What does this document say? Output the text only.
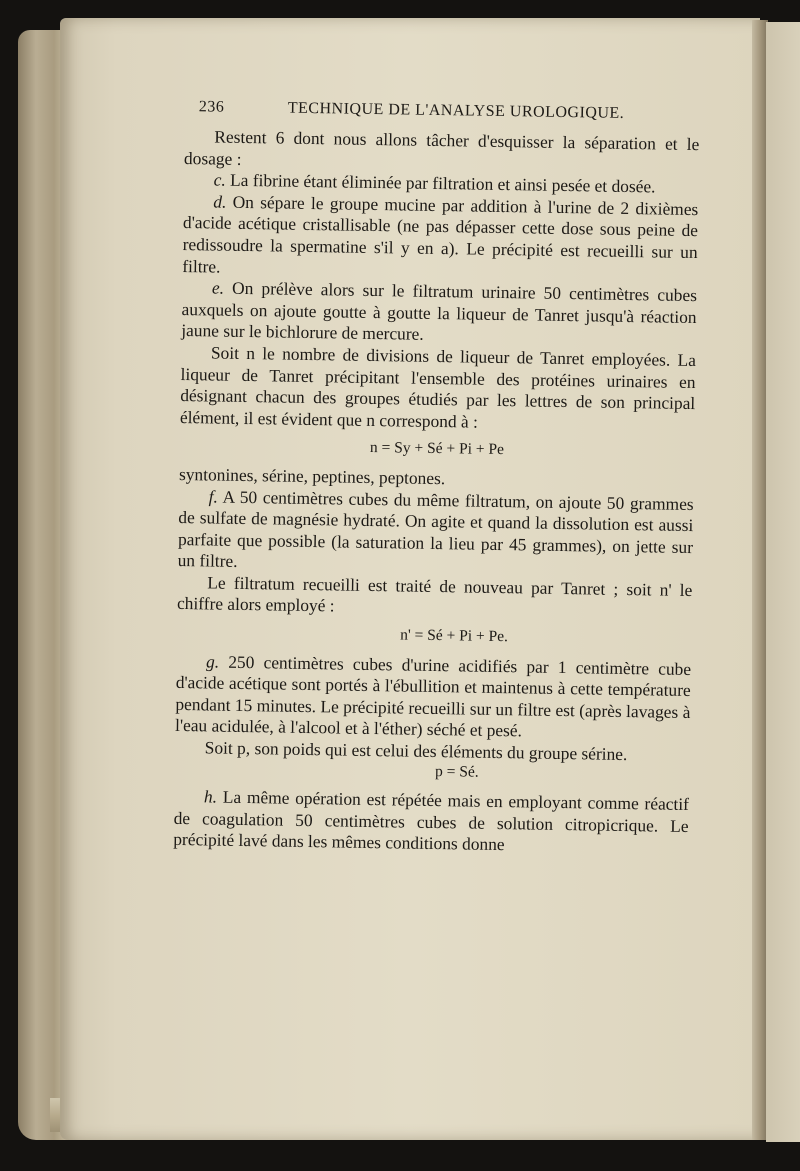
236	TECHNIQUE DE L'ANALYSE UROLOGIQUE.

Restent 6 dont nous allons tâcher d'esquisser la séparation et le dosage :

c. La fibrine étant éliminée par filtration et ainsi pesée et dosée.

d. On sépare le groupe mucine par addition à l'urine de 2 dixièmes d'acide acétique cristallisable (ne pas dépasser cette dose sous peine de redissoudre la spermatine s'il y en a). Le précipité est recueilli sur un filtre.

e. On prélève alors sur le filtratum urinaire 50 centimètres cubes auxquels on ajoute goutte à goutte la liqueur de Tanret jusqu'à réaction jaune sur le bichlorure de mercure.

Soit n le nombre de divisions de liqueur de Tanret employées. La liqueur de Tanret précipitant l'ensemble des protéines urinaires en désignant chacun des groupes étudiés par les lettres de son principal élément, il est évident que n correspond à :

n = Sy + Sé + Pi + Pe

syntonines, sérine, peptines, peptones.

f. A 50 centimètres cubes du même filtratum, on ajoute 50 grammes de sulfate de magnésie hydraté. On agite et quand la dissolution est aussi parfaite que possible (la saturation la lieu par 45 grammes), on jette sur un filtre.

Le filtratum recueilli est traité de nouveau par Tanret ; soit n' le chiffre alors employé :

n' = Sé + Pi + Pe.

g. 250 centimètres cubes d'urine acidifiés par 1 centimètre cube d'acide acétique sont portés à l'ébullition et maintenus à cette température pendant 15 minutes. Le précipité recueilli sur un filtre est (après lavages à l'eau acidulée, à l'alcool et à l'éther) séché et pesé.

Soit p, son poids qui est celui des éléments du groupe sérine.

p = Sé.

h. La même opération est répétée mais en employant comme réactif de coagulation 50 centimètres cubes de solution citropicrique. Le précipité lavé dans les mêmes conditions donne
